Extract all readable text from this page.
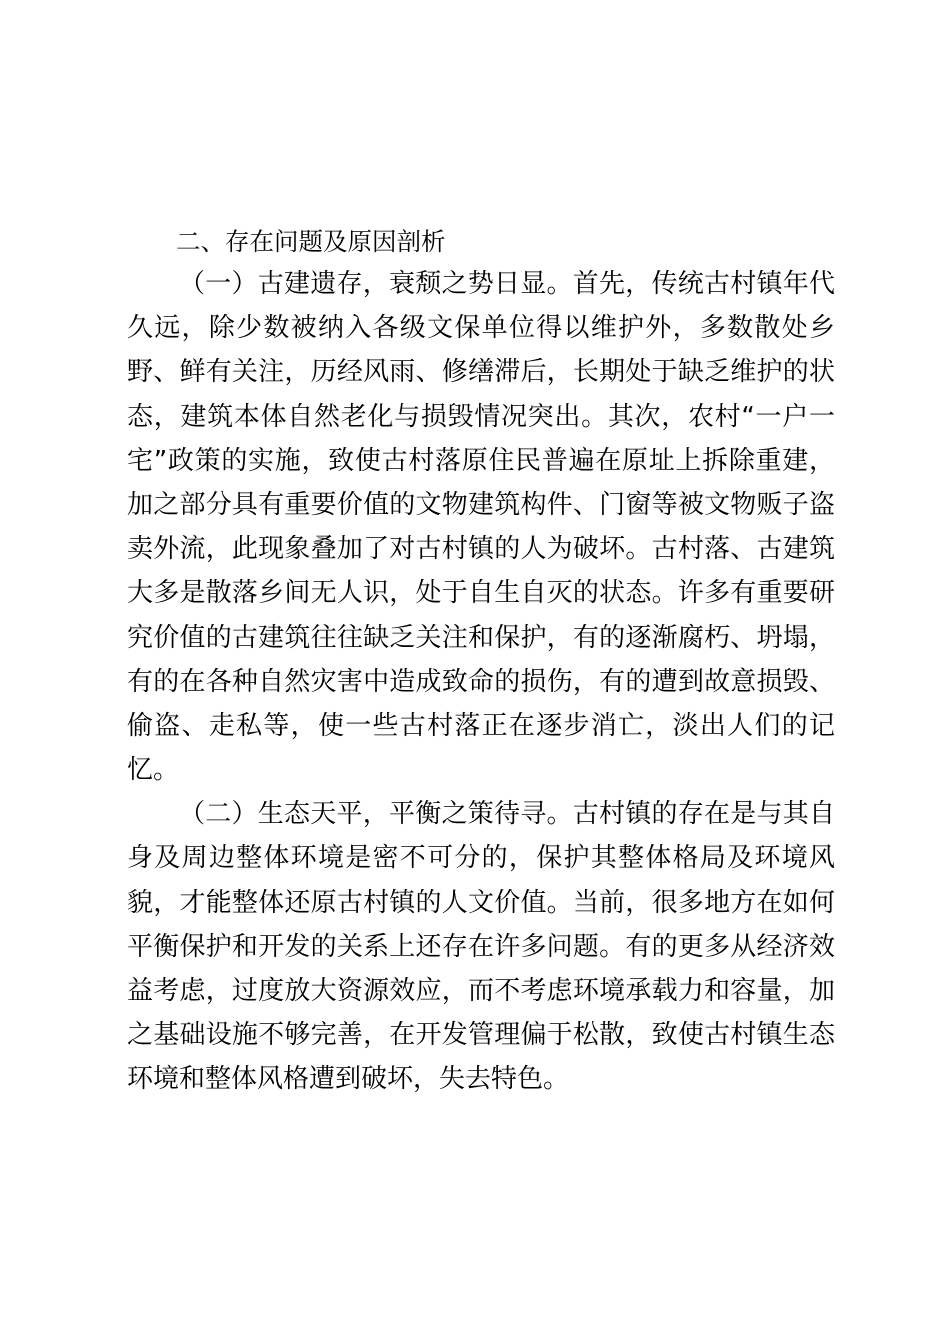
二、存在问题及原因剖析
（一）古建遗存，衰颓之势日显。首先，传统古村镇年代
久远，除少数被纳入各级文保单位得以维护外，多数散处乡
野、鲜有关注，历经风雨、修缮滞后，长期处于缺乏维护的状
态，建筑本体自然老化与损毁情况突出。其次，农村“一户一
宅”政策的实施，致使古村落原住民普遍在原址上拆除重建，
加之部分具有重要价值的文物建筑构件、门窗等被文物贩子盗
卖外流，此现象叠加了对古村镇的人为破坏。古村落、古建筑
大多是散落乡间无人识，处于自生自灭的状态。许多有重要研
究价值的古建筑往往缺乏关注和保护，有的逐渐腐朽、坍塌，
有的在各种自然灾害中造成致命的损伤，有的遭到故意损毁、
偷盗、走私等，使一些古村落正在逐步消亡，淡出人们的记
忆。
（二）生态天平，平衡之策待寻。古村镇的存在是与其自
身及周边整体环境是密不可分的，保护其整体格局及环境风
貌，才能整体还原古村镇的人文价值。当前，很多地方在如何
平衡保护和开发的关系上还存在许多问题。有的更多从经济效
益考虑，过度放大资源效应，而不考虑环境承载力和容量，加
之基础设施不够完善，在开发管理偏于松散，致使古村镇生态
环境和整体风格遭到破坏，失去特色。
